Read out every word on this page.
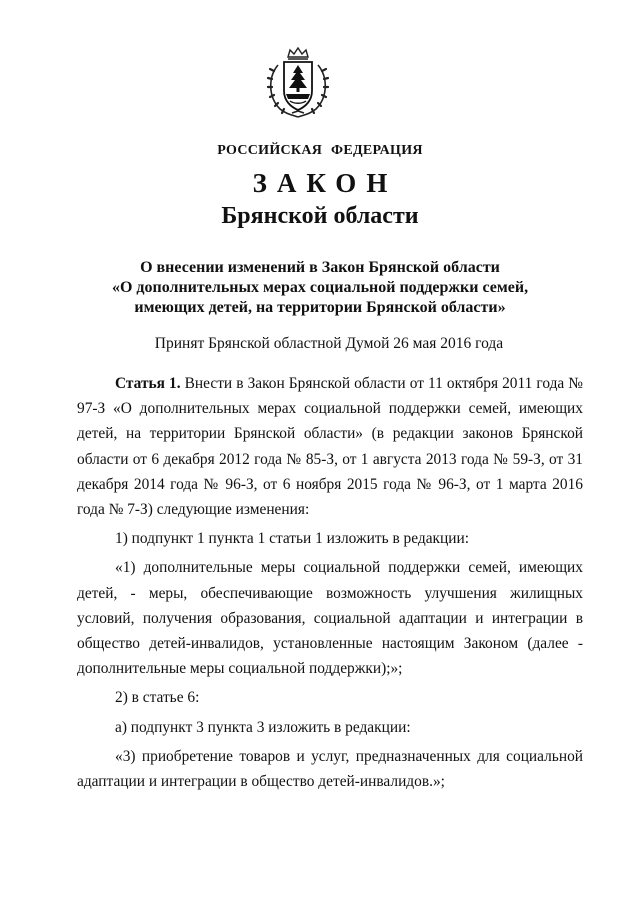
РОССИЙСКАЯ ФЕДЕРАЦИЯ
ЗАКОН
Брянской области
О внесении изменений в Закон Брянской области
«О дополнительных мерах социальной поддержки семей,
имеющих детей, на территории Брянской области»
Принят Брянской областной Думой 26 мая 2016 года

Статья 1. Внести в Закон Брянской области от 11 октября 2011 года № 97-З «О дополнительных мерах социальной поддержки семей, имеющих детей, на территории Брянской области» (в редакции законов Брянской области от 6 декабря 2012 года № 85-З, от 1 августа 2013 года № 59-З, от 31 декабря 2014 года № 96-З, от 6 ноября 2015 года № 96-З, от 1 марта 2016 года № 7-З) следующие изменения:

1) подпункт 1 пункта 1 статьи 1 изложить в редакции:

«1) дополнительные меры социальной поддержки семей, имеющих детей, - меры, обеспечивающие возможность улучшения жилищных условий, получения образования, социальной адаптации и интеграции в общество детей-инвалидов, установленные настоящим Законом (далее - дополнительные меры социальной поддержки);»;

2) в статье 6:

а) подпункт 3 пункта 3 изложить в редакции:

«3) приобретение товаров и услуг, предназначенных для социальной адаптации и интеграции в общество детей-инвалидов.»;
